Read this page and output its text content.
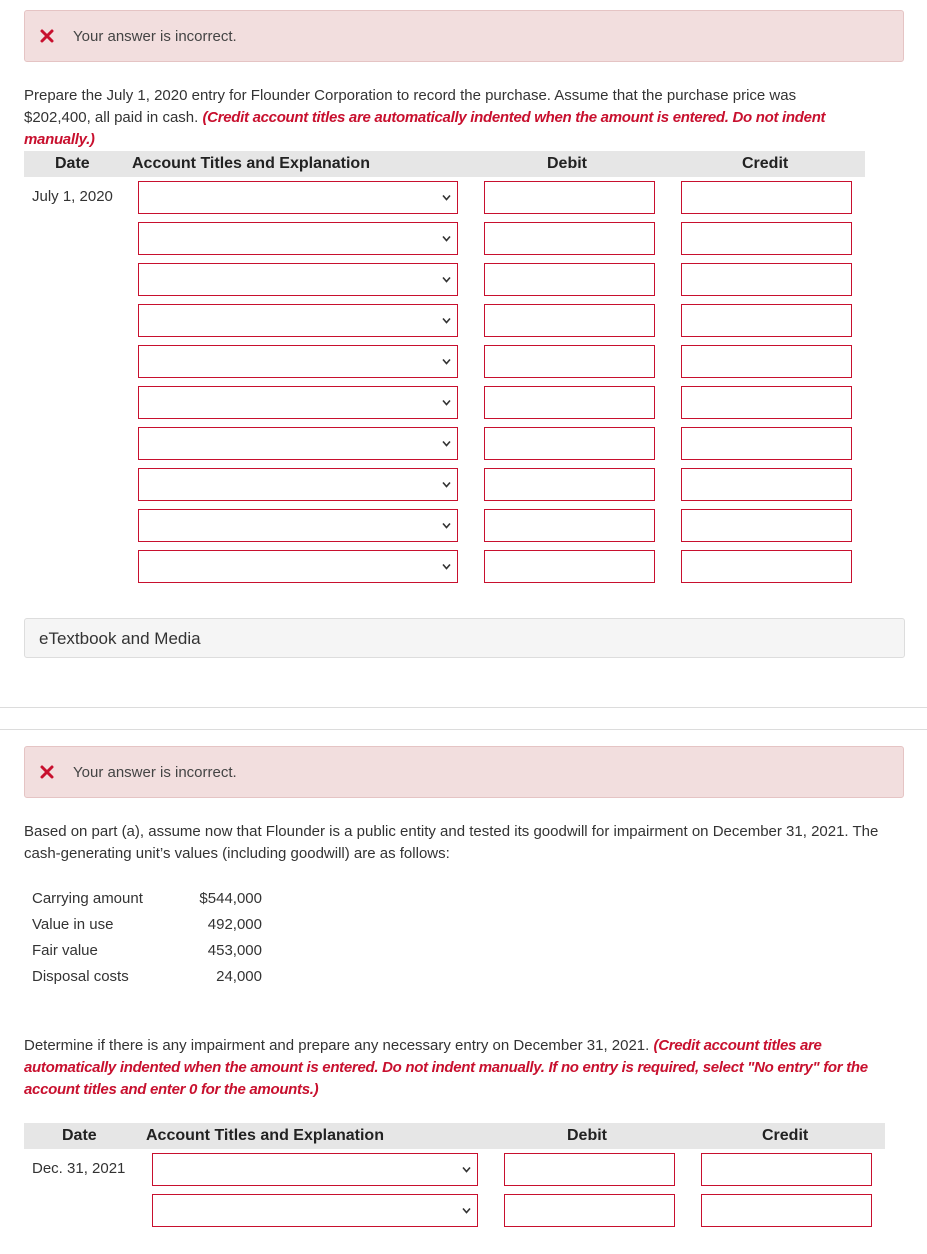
Your answer is incorrect.
Prepare the July 1, 2020 entry for Flounder Corporation to record the purchase. Assume that the purchase price was $202,400, all paid in cash. (Credit account titles are automatically indented when the amount is entered. Do not indent manually.)
Date	Account Titles and Explanation	Debit	Credit
July 1, 2020
eTextbook and Media
Your answer is incorrect.
Based on part (a), assume now that Flounder is a public entity and tested its goodwill for impairment on December 31, 2021. The cash-generating unit’s values (including goodwill) are as follows:
Carrying amount	$544,000
Value in use	492,000
Fair value	453,000
Disposal costs	24,000
Determine if there is any impairment and prepare any necessary entry on December 31, 2021. (Credit account titles are automatically indented when the amount is entered. Do not indent manually. If no entry is required, select "No entry" for the account titles and enter 0 for the amounts.)
Date	Account Titles and Explanation	Debit	Credit
Dec. 31, 2021
